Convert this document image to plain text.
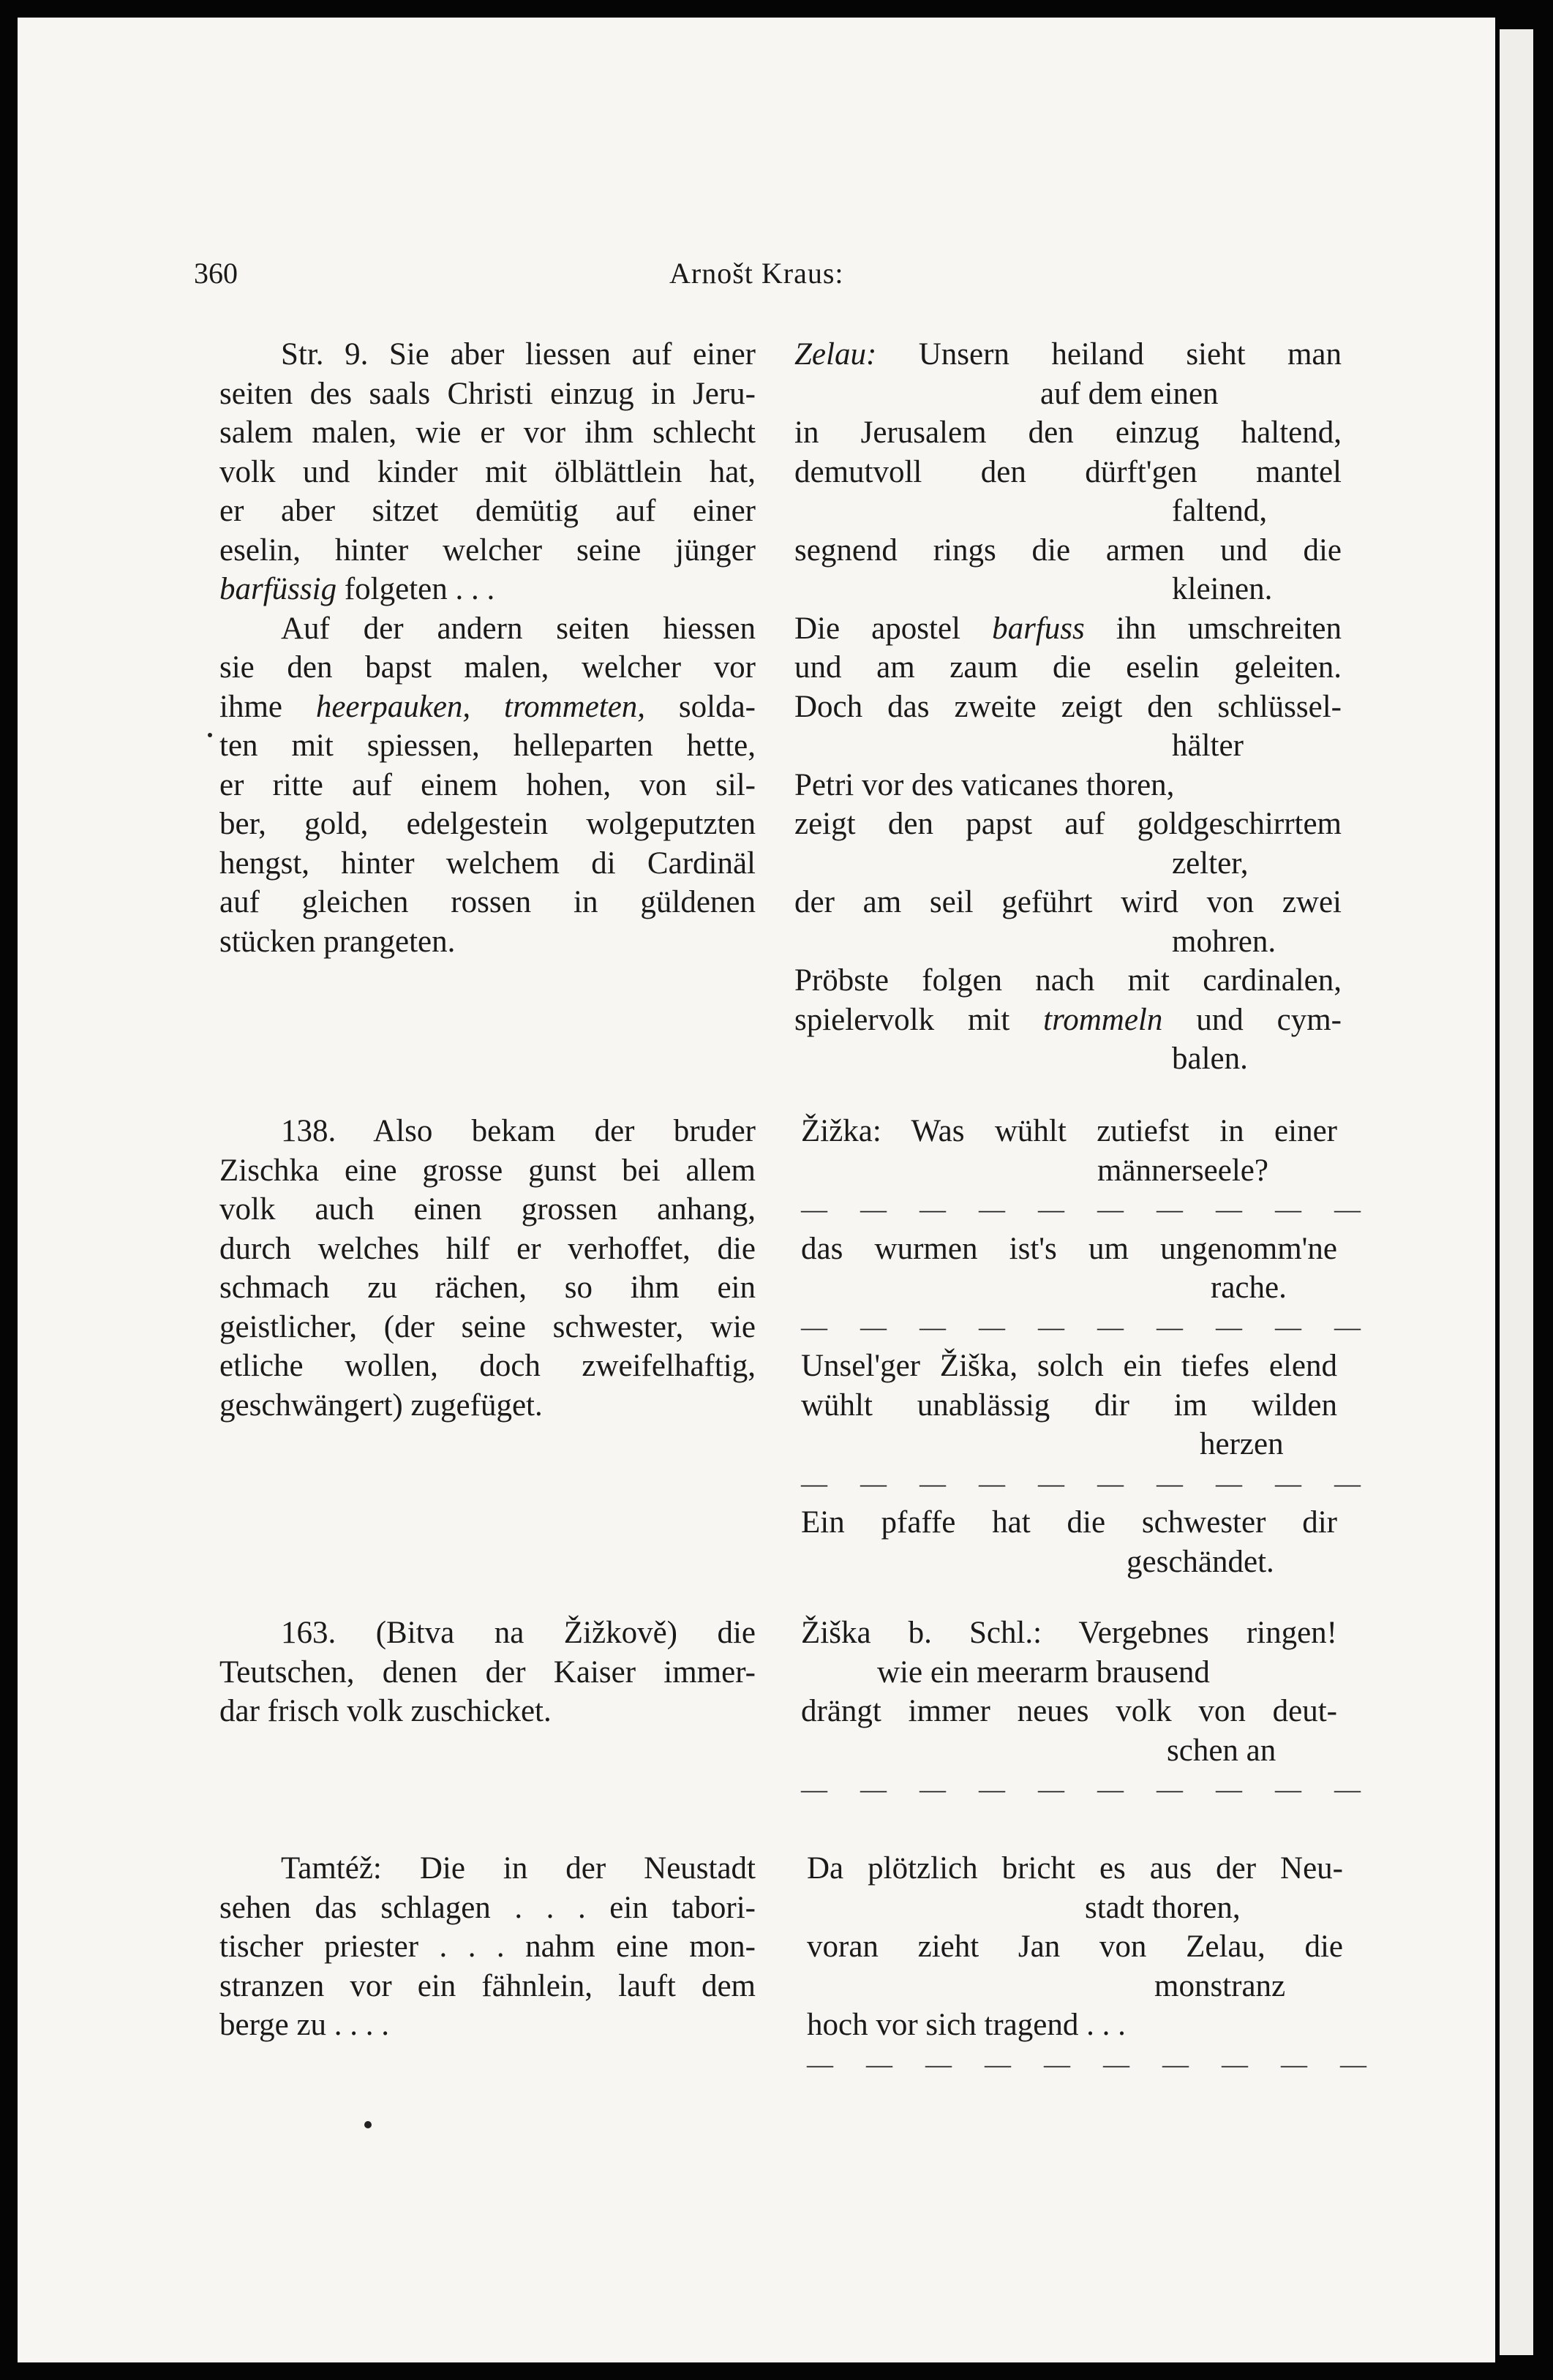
360	Arnošt Kraus:
Str. 9. Sie aber liessen auf einer
seiten des saals Christi einzug in Jeru-
salem malen, wie er vor ihm schlecht
volk und kinder mit ölblättlein hat,
er aber sitzet demütig auf einer
eselin, hinter welcher seine jünger
barfüssig folgeten . . .
Auf der andern seiten hiessen
sie den bapst malen, welcher vor
ihme heerpauken, trommeten, solda-
ten mit spiessen, helleparten hette,
er ritte auf einem hohen, von sil-
ber, gold, edelgestein wolgeputzten
hengst, hinter welchem di Cardinäl
auf gleichen rossen in güldenen
stücken prangeten.
Zelau: Unsern heiland sieht man
auf dem einen
in Jerusalem den einzug haltend,
demutvoll den dürft'gen mantel
faltend,
segnend rings die armen und die
kleinen.
Die apostel barfuss ihn umschreiten
und am zaum die eselin geleiten.
Doch das zweite zeigt den schlüssel-
hälter
Petri vor des vaticanes thoren,
zeigt den papst auf goldgeschirrtem
zelter,
der am seil geführt wird von zwei
mohren.
Pröbste folgen nach mit cardinalen,
spielervolk mit trommeln und cym-
balen.
138. Also bekam der bruder
Zischka eine grosse gunst bei allem
volk auch einen grossen anhang,
durch welches hilf er verhoffet, die
schmach zu rächen, so ihm ein
geistlicher, (der seine schwester, wie
etliche wollen, doch zweifelhaftig,
geschwängert) zugefüget.
Žižka: Was wühlt zutiefst in einer
männerseele?
— — — — — — — — — —
das wurmen ist's um ungenomm'ne
rache.
— — — — — — — — — —
Unsel'ger Žiška, solch ein tiefes elend
wühlt unablässig dir im wilden
herzen
— — — — — — — — — —
Ein pfaffe hat die schwester dir
geschändet.
163. (Bitva na Žižkově) die
Teutschen, denen der Kaiser immer-
dar frisch volk zuschicket.
Žiška b. Schl.: Vergebnes ringen!
wie ein meerarm brausend
drängt immer neues volk von deut-
schen an
— — — — — — — — — —
Tamtéž: Die in der Neustadt
sehen das schlagen . . . ein tabori-
tischer priester . . . nahm eine mon-
stranzen vor ein fähnlein, lauft dem
berge zu . . . .
Da plötzlich bricht es aus der Neu-
stadt thoren,
voran zieht Jan von Zelau, die
monstranz
hoch vor sich tragend . . .
— — — — — — — — — —
